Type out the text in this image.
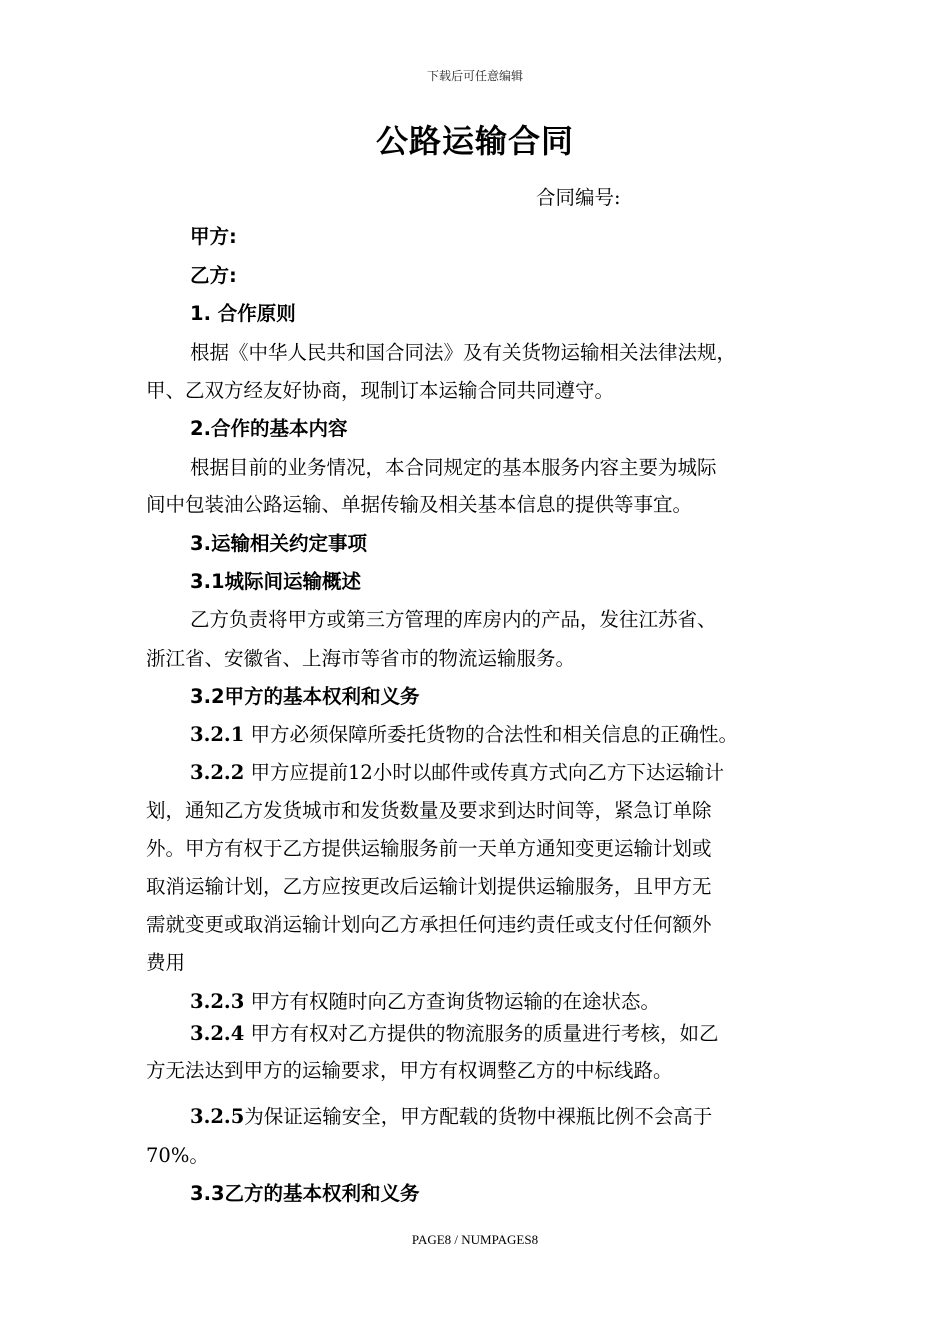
下载后可任意编辑
公路运输合同
合同编号:
甲方:
乙方:
1. 合作原则
根据《中华人民共和国合同法》及有关货物运输相关法律法规，
甲、乙双方经友好协商，现制订本运输合同共同遵守。
2.合作的基本内容
根据目前的业务情况，本合同规定的基本服务内容主要为城际
间中包装油公路运输、单据传输及相关基本信息的提供等事宜。
3.运输相关约定事项
3.1城际间运输概述
乙方负责将甲方或第三方管理的库房内的产品，发往江苏省、
浙江省、安徽省、上海市等省市的物流运输服务。
3.2甲方的基本权利和义务
3.2.1 甲方必须保障所委托货物的合法性和相关信息的正确性。
3.2.2 甲方应提前12小时以邮件或传真方式向乙方下达运输计
划，通知乙方发货城市和发货数量及要求到达时间等，紧急订单除
外。甲方有权于乙方提供运输服务前一天单方通知变更运输计划或
取消运输计划，乙方应按更改后运输计划提供运输服务，且甲方无
需就变更或取消运输计划向乙方承担任何违约责任或支付任何额外
费用
3.2.3 甲方有权随时向乙方查询货物运输的在途状态。
3.2.4 甲方有权对乙方提供的物流服务的质量进行考核，如乙
方无法达到甲方的运输要求，甲方有权调整乙方的中标线路。
3.2.5为保证运输安全，甲方配载的货物中裸瓶比例不会高于
70%。
3.3乙方的基本权利和义务
PAGE8 / NUMPAGES8
